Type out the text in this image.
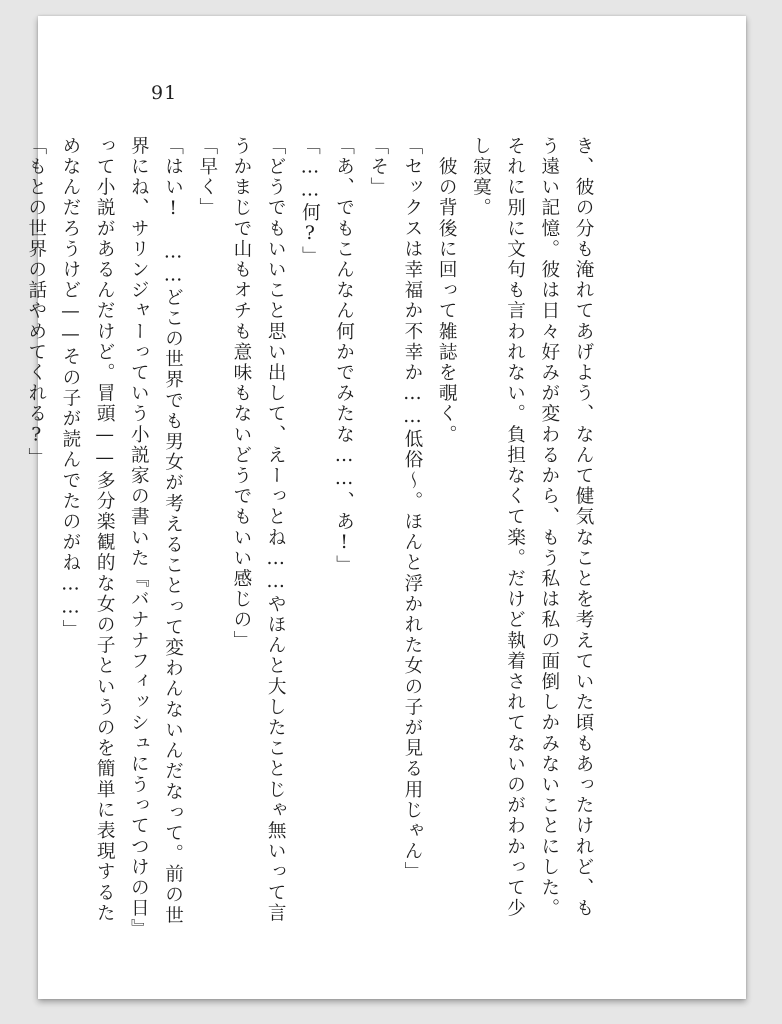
91
き、彼の分も淹れてあげよう、なんて健気なことを考えていた頃もあったけれど、も
う遠い記憶。彼は日々好みが変わるから、もう私は私の面倒しかみないことにした。
それに別に文句も言われない。負担なくて楽。だけど執着されてないのがわかって少
し寂寞。
　彼の背後に回って雑誌を覗く。
「セックスは幸福か不幸か……低俗〜。ほんと浮かれた女の子が見る用じゃん」
「そ」
「あ、でもこんなん何かでみたな……、あ!」
「……何?」
「どうでもいいこと思い出して、えーっとね……やほんと大したことじゃ無いって言
うかまじで山もオチも意味もないどうでもいい感じの」
「早く」
「はい!　……どこの世界でも男女が考えることって変わんないんだなって。前の世
界にね、サリンジャーっていう小説家の書いた『バナナフィッシュにうってつけの日』
って小説があるんだけど。冒頭——多分楽観的な女の子というのを簡単に表現するた
めなんだろうけど——その子が読んでたのがね……」
「もとの世界の話やめてくれる?」
